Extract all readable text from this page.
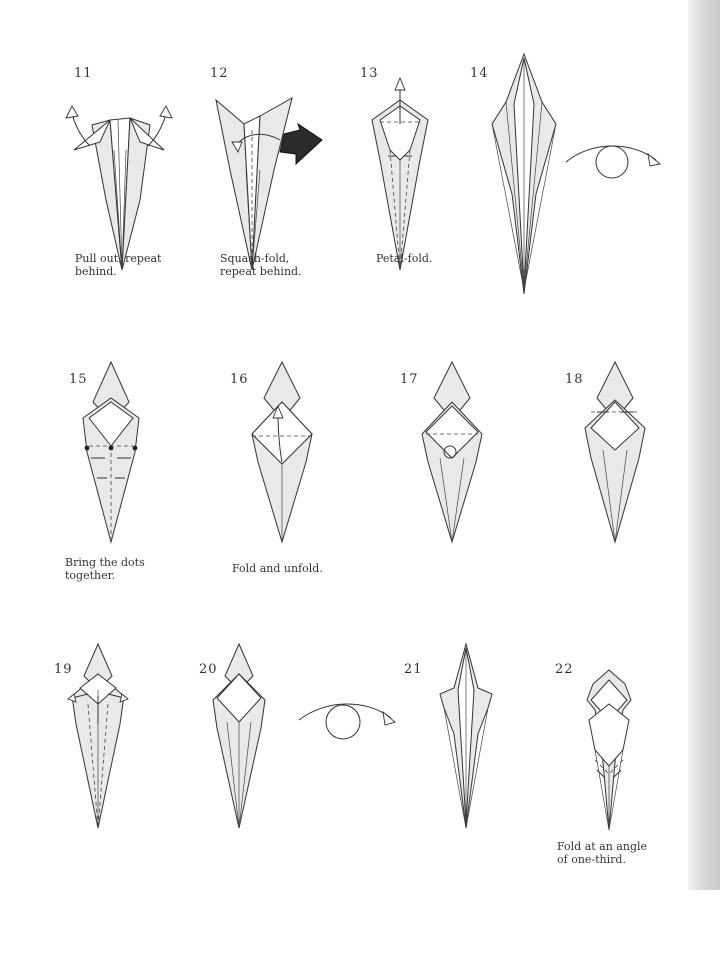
11
Pull out, repeat
behind.
12
Squash-fold,
repeat behind.
13
Petal-fold.
14
15
Bring the dots
together.
16
Fold and unfold.
17	18
19	20	21	22
Fold at an angle
of one-third.
